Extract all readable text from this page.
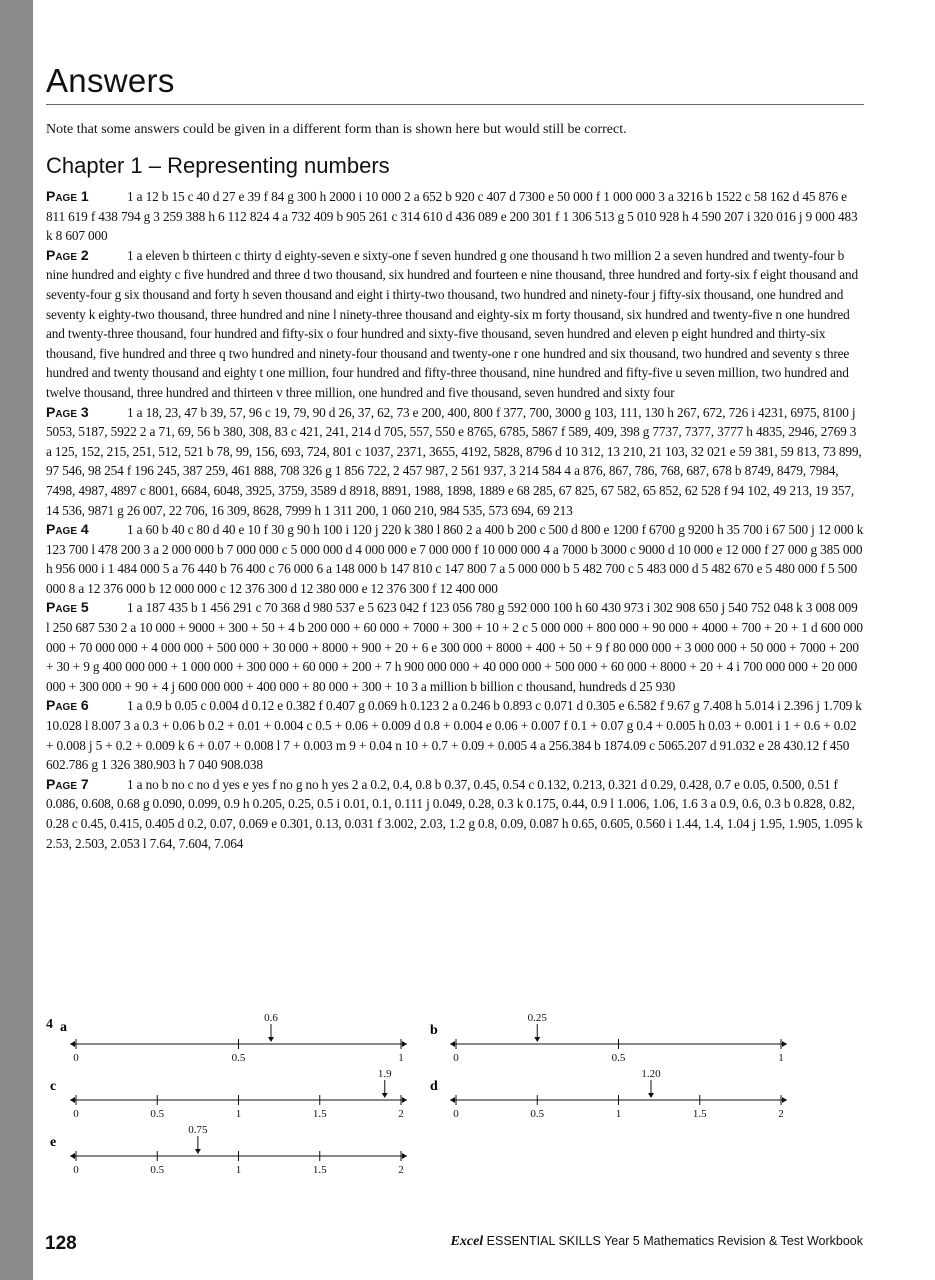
Answers

Note that some answers could be given in a different form than is shown here but would still be correct.

Chapter 1 – Representing numbers

Page 1	1 a 12 b 15 c 40 d 27 e 39 f 84 g 300 h 2000 i 10 000 2 a 652 b 920 c 407 d 7300 e 50 000 f 1 000 000 3 a 3216 b 1522 c 58 162 d 45 876 e 811 619 f 438 794 g 3 259 388 h 6 112 824 4 a 732 409 b 905 261 c 314 610 d 436 089 e 200 301 f 1 306 513 g 5 010 928 h 4 590 207 i 320 016 j 9 000 483 k 8 607 000

Page 2	1 a eleven b thirteen c thirty d eighty-seven e sixty-one f seven hundred g one thousand h two million 2 a seven hundred and twenty-four b nine hundred and eighty c five hundred and three d two thousand, six hundred and fourteen e nine thousand, three hundred and forty-six f eight thousand and seventy-four g six thousand and forty h seven thousand and eight i thirty-two thousand, two hundred and ninety-four j fifty-six thousand, one hundred and seventy k eighty-two thousand, three hundred and nine l ninety-three thousand and eighty-six m forty thousand, six hundred and twenty-five n one hundred and twenty-three thousand, four hundred and fifty-six o four hundred and sixty-five thousand, seven hundred and eleven p eight hundred and thirty-six thousand, five hundred and three q two hundred and ninety-four thousand and twenty-one r one hundred and six thousand, two hundred and seventy s three hundred and twenty thousand and eighty t one million, four hundred and fifty-three thousand, nine hundred and fifty-five u seven million, two hundred and twelve thousand, three hundred and thirteen v three million, one hundred and five thousand, seven hundred and sixty four

Page 3	1 a 18, 23, 47 b 39, 57, 96 c 19, 79, 90 d 26, 37, 62, 73 e 200, 400, 800 f 377, 700, 3000 g 103, 111, 130 h 267, 672, 726 i 4231, 6975, 8100 j 5053, 5187, 5922 2 a 71, 69, 56 b 380, 308, 83 c 421, 241, 214 d 705, 557, 550 e 8765, 6785, 5867 f 589, 409, 398 g 7737, 7377, 3777 h 4835, 2946, 2769 3 a 125, 152, 215, 251, 512, 521 b 78, 99, 156, 693, 724, 801 c 1037, 2371, 3655, 4192, 5828, 8796 d 10 312, 13 210, 21 103, 32 021 e 59 381, 59 813, 73 899, 97 546, 98 254 f 196 245, 387 259, 461 888, 708 326 g 1 856 722, 2 457 987, 2 561 937, 3 214 584 4 a 876, 867, 786, 768, 687, 678 b 8749, 8479, 7984, 7498, 4987, 4897 c 8001, 6684, 6048, 3925, 3759, 3589 d 8918, 8891, 1988, 1898, 1889 e 68 285, 67 825, 67 582, 65 852, 62 528 f 94 102, 49 213, 19 357, 14 536, 9871 g 26 007, 22 706, 16 309, 8628, 7999 h 1 311 200, 1 060 210, 984 535, 573 694, 69 213

Page 4	1 a 60 b 40 c 80 d 40 e 10 f 30 g 90 h 100 i 120 j 220 k 380 l 860 2 a 400 b 200 c 500 d 800 e 1200 f 6700 g 9200 h 35 700 i 67 500 j 12 000 k 123 700 l 478 200 3 a 2 000 000 b 7 000 000 c 5 000 000 d 4 000 000 e 7 000 000 f 10 000 000 4 a 7000 b 3000 c 9000 d 10 000 e 12 000 f 27 000 g 385 000 h 956 000 i 1 484 000 5 a 76 440 b 76 400 c 76 000 6 a 148 000 b 147 810 c 147 800 7 a 5 000 000 b 5 482 700 c 5 483 000 d 5 482 670 e 5 480 000 f 5 500 000 8 a 12 376 000 b 12 000 000 c 12 376 300 d 12 380 000 e 12 376 300 f 12 400 000

Page 5	1 a 187 435 b 1 456 291 c 70 368 d 980 537 e 5 623 042 f 123 056 780 g 592 000 100 h 60 430 973 i 302 908 650 j 540 752 048 k 3 008 009 l 250 687 530 2 a 10 000 + 9000 + 300 + 50 + 4 b 200 000 + 60 000 + 7000 + 300 + 10 + 2 c 5 000 000 + 800 000 + 90 000 + 4000 + 700 + 20 + 1 d 600 000 000 + 70 000 000 + 4 000 000 + 500 000 + 30 000 + 8000 + 900 + 20 + 6 e 300 000 + 8000 + 400 + 50 + 9 f 80 000 000 + 3 000 000 + 50 000 + 7000 + 200 + 30 + 9 g 400 000 000 + 1 000 000 + 300 000 + 60 000 + 200 + 7 h 900 000 000 + 40 000 000 + 500 000 + 60 000 + 8000 + 20 + 4 i 700 000 000 + 20 000 000 + 300 000 + 90 + 4 j 600 000 000 + 400 000 + 80 000 + 300 + 10 3 a million b billion c thousand, hundreds d 25 930

Page 6	1 a 0.9 b 0.05 c 0.004 d 0.12 e 0.382 f 0.407 g 0.069 h 0.123 2 a 0.246 b 0.893 c 0.071 d 0.305 e 6.582 f 9.67 g 7.408 h 5.014 i 2.396 j 1.709 k 10.028 l 8.007 3 a 0.3 + 0.06 b 0.2 + 0.01 + 0.004 c 0.5 + 0.06 + 0.009 d 0.8 + 0.004 e 0.06 + 0.007 f 0.1 + 0.07 g 0.4 + 0.005 h 0.03 + 0.001 i 1 + 0.6 + 0.02 + 0.008 j 5 + 0.2 + 0.009 k 6 + 0.07 + 0.008 l 7 + 0.003 m 9 + 0.04 n 10 + 0.7 + 0.09 + 0.005 4 a 256.384 b 1874.09 c 5065.207 d 91.032 e 28 430.12 f 450 602.786 g 1 326 380.903 h 7 040 908.038

Page 7	1 a no b no c no d yes e yes f no g no h yes 2 a 0.2, 0.4, 0.8 b 0.37, 0.45, 0.54 c 0.132, 0.213, 0.321 d 0.29, 0.428, 0.7 e 0.05, 0.500, 0.51 f 0.086, 0.608, 0.68 g 0.090, 0.099, 0.9 h 0.205, 0.25, 0.5 i 0.01, 0.1, 0.111 j 0.049, 0.28, 0.3 k 0.175, 0.44, 0.9 l 1.006, 1.06, 1.6 3 a 0.9, 0.6, 0.3 b 0.828, 0.82, 0.28 c 0.45, 0.415, 0.405 d 0.2, 0.07, 0.069 e 0.301, 0.13, 0.031 f 3.002, 2.03, 1.2 g 0.8, 0.09, 0.087 h 0.65, 0.605, 0.560 i 1.44, 1.4, 1.04 j 1.95, 1.905, 1.095 k 2.53, 2.503, 2.053 l 7.64, 7.604, 7.064

4 a
0	0.5	1
0.6
b
0	0.5	1
0.25
c
0	0.5	1	1.5	2
1.9
d
0	0.5	1	1.5	2
1.20
e
0	0.5	1	1.5	2
0.75

128	Excel ESSENTIAL SKILLS Year 5 Mathematics Revision & Test Workbook
